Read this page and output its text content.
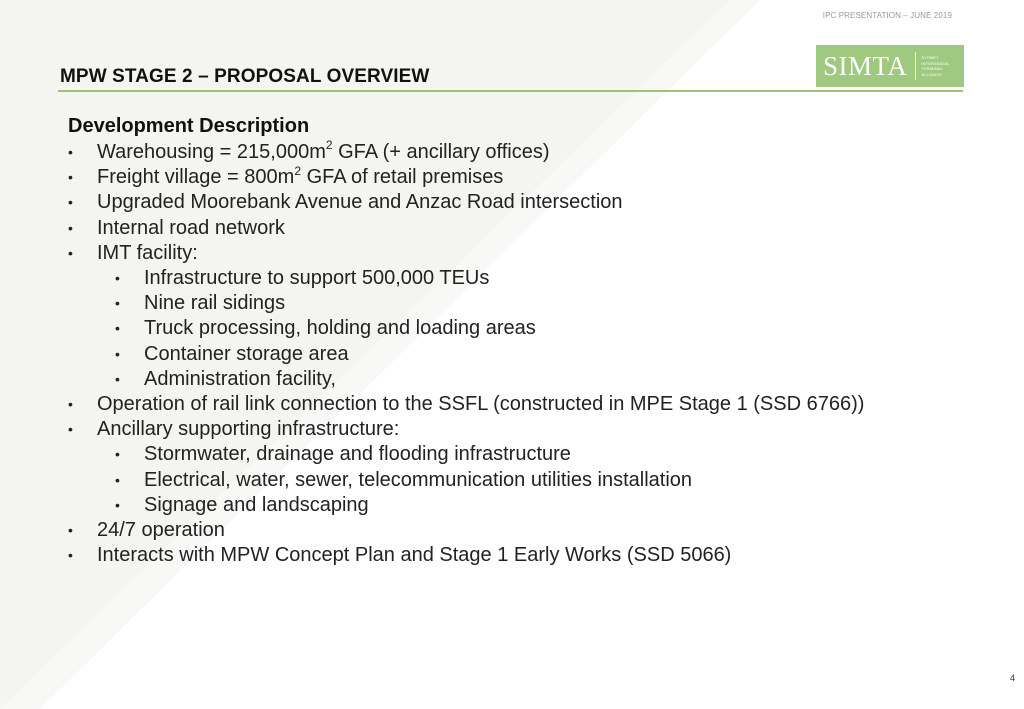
IPC PRESENTATION – JUNE 2019
SIMTA	SYDNEY
INTERMODAL
TERMINAL
ALLIANCE
MPW STAGE 2 – PROPOSAL OVERVIEW
Development Description
• Warehousing = $215,000m^2$ GFA (+ ancillary offices)
• Freight village = $800m^2$ GFA of retail premises
• Upgraded Moorebank Avenue and Anzac Road intersection
• Internal road network
• IMT facility:
• Infrastructure to support 500,000 TEUs
• Nine rail sidings
• Truck processing, holding and loading areas
• Container storage area
• Administration facility,
• Operation of rail link connection to the SSFL (constructed in MPE Stage 1 (SSD 6766))
• Ancillary supporting infrastructure:
• Stormwater, drainage and flooding infrastructure
• Electrical, water, sewer, telecommunication utilities installation
• Signage and landscaping
• 24/7 operation
• Interacts with MPW Concept Plan and Stage 1 Early Works (SSD 5066)
4
